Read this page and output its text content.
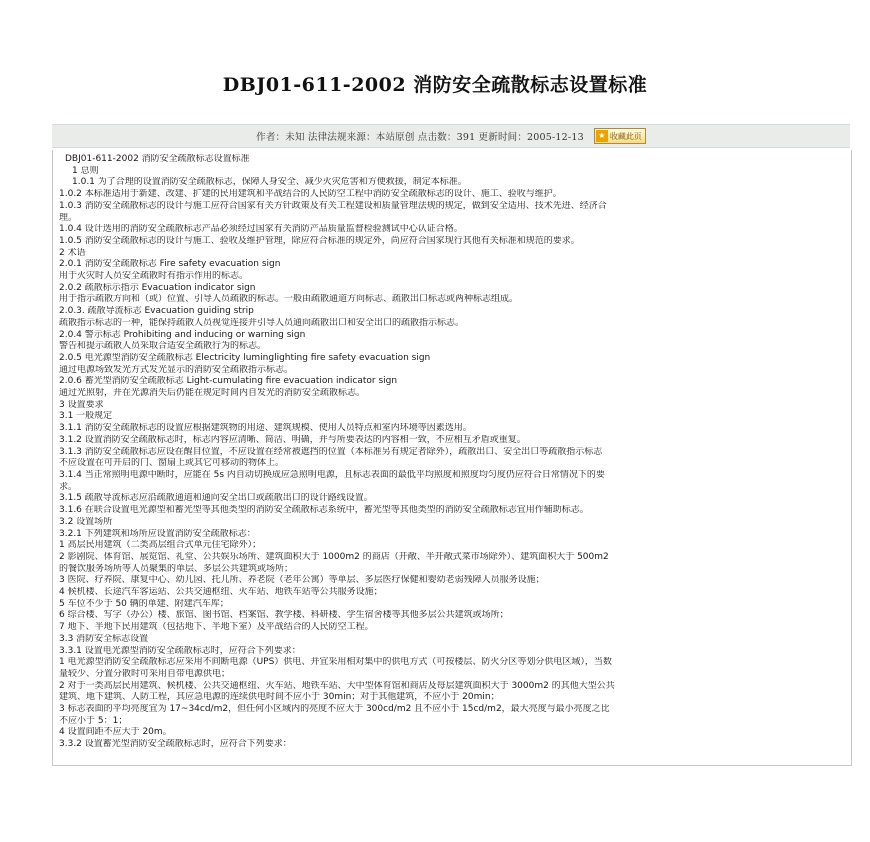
DBJ01-611-2002 消防安全疏散标志设置标准
作者：未知 法律法规来源：本站原创 点击数：391 更新时间：2005-12-13	★ 收藏此页
DBJ01-611-2002 消防安全疏散标志设置标准
1 总则
1.0.1 为了合理的设置消防安全疏散标志，保障人身安全、减少火灾危害和方便救援，制定本标准。
1.0.2 本标准适用于新建、改建、扩建的民用建筑和平战结合的人民防空工程中消防安全疏散标志的设计、施工、验收与维护。
1.0.3 消防安全疏散标志的设计与施工应符合国家有关方针政策及有关工程建设和质量管理法规的规定，做到安全适用、技术先进、经济合
理。
1.0.4 设计选用的消防安全疏散标志产品必须经过国家有关消防产品质量监督检验测试中心认证合格。
1.0.5 消防安全疏散标志的设计与施工、验收及维护管理，除应符合标准的规定外，尚应符合国家现行其他有关标准和规范的要求。
2 术语
2.0.1 消防安全疏散标志 Fire safety evacuation sign
用于火灾时人员安全疏散时有指示作用的标志。
2.0.2 疏散标示指示 Evacuation indicator sign
用于指示疏散方向和（或）位置、引导人员疏散的标志。一般由疏散通道方向标志、疏散出口标志或两种标志组成。
2.0.3. 疏散导流标志 Evacuation guiding strip
疏散指示标志的一种，能保持疏散人员视觉连接并引导人员通向疏散出口和安全出口的疏散指示标志。
2.0.4 警示标志 Prohibiting and inducing or warning sign
警告和提示疏散人员采取合适安全疏散行为的标志。
2.0.5 电光源型消防安全疏散标志 Electricity luminglighting fire safety evacuation sign
通过电源场致发光方式发光显示的消防安全疏散指示标志。
2.0.6 蓄光型消防安全疏散标志 Light-cumulating fire evacuation indicator sign
通过光照射，并在光源消失后仍能在规定时间内自发光的消防安全疏散标志。
3 设置要求
3.1 一般规定
3.1.1 消防安全疏散标志的设置应根据建筑物的用途、建筑规模、使用人员特点和室内环境等因素选用。
3.1.2 设置消防安全疏散标志时，标志内容应清晰、简洁、明确，并与所要表达的内容相一致，不应相互矛盾或重复。
3.1.3 消防安全疏散标志应设在醒目位置，不应设置在经常被遮挡的位置（本标准另有规定者除外），疏散出口、安全出口等疏散指示标志
不应设置在可开启的门、窗扇上或其它可移动的物体上。
3.1.4 当正常照明电源中断时，应能在 5s 内自动切换成应急照明电源，且标志表面的最低平均照度和照度均匀度仍应符合日常情况下的要
求。
3.1.5 疏散导流标志应沿疏散通道和通向安全出口或疏散出口的设计路线设置。
3.1.6 在联合设置电光源型和蓄光型等其他类型的消防安全疏散标志系统中，蓄光型等其他类型的消防安全疏散标志宜用作辅助标志。
3.2 设置场所
3.2.1 下列建筑和场所应设置消防安全疏散标志：
1 高层民用建筑（二类高层组合式单元住宅除外）；
2 影剧院、体育馆、展览馆、礼堂、公共娱乐场所、建筑面积大于 1000m2 的商店（开敞、半开敞式菜市场除外）、建筑面积大于 500m2
的餐饮服务场所等人员聚集的单层、多层公共建筑或场所；
3 医院、疗养院、康复中心、幼儿园、托儿所、养老院（老年公寓）等单层、多层医疗保健和婴幼老弱残障人员服务设施；
4 候机楼、长途汽车客运站、公共交通枢纽、火车站、地铁车站等公共服务设施；
5 车位不少于 50 辆的单建、附建汽车库；
6 综合楼、写字（办公）楼、旅馆、图书馆、档案馆、教学楼、科研楼、学生宿舍楼等其他多层公共建筑或场所；
7 地下、半地下民用建筑（包括地下、半地下室）及平战结合的人民防空工程。
3.3 消防安全标志设置
3.3.1 设置电光源型消防安全疏散标志时，应符合下列要求：
1 电光源型消防安全疏散标志应采用不间断电源（UPS）供电、并宜采用相对集中的供电方式（可按楼层、防火分区等划分供电区域），当数
量较少、分置分散时可采用自带电源供电；
2 对于一类高层民用建筑、候机楼、公共交通枢纽、火车站、地铁车站、大中型体育馆和商店及每层建筑面积大于 3000m2 的其他大型公共
建筑、地下建筑、人防工程，其应急电源的连续供电时间不应小于 30min；对于其他建筑，不应小于 20min；
3 标志表面的平均亮度宜为 17~34cd/m2，但任何小区域内的亮度不应大于 300cd/m2 且不应小于 15cd/m2，最大亮度与最小亮度之比
不应小于 5：1；
4 设置间距不应大于 20m。
3.3.2 设置蓄光型消防安全疏散标志时，应符合下列要求：
